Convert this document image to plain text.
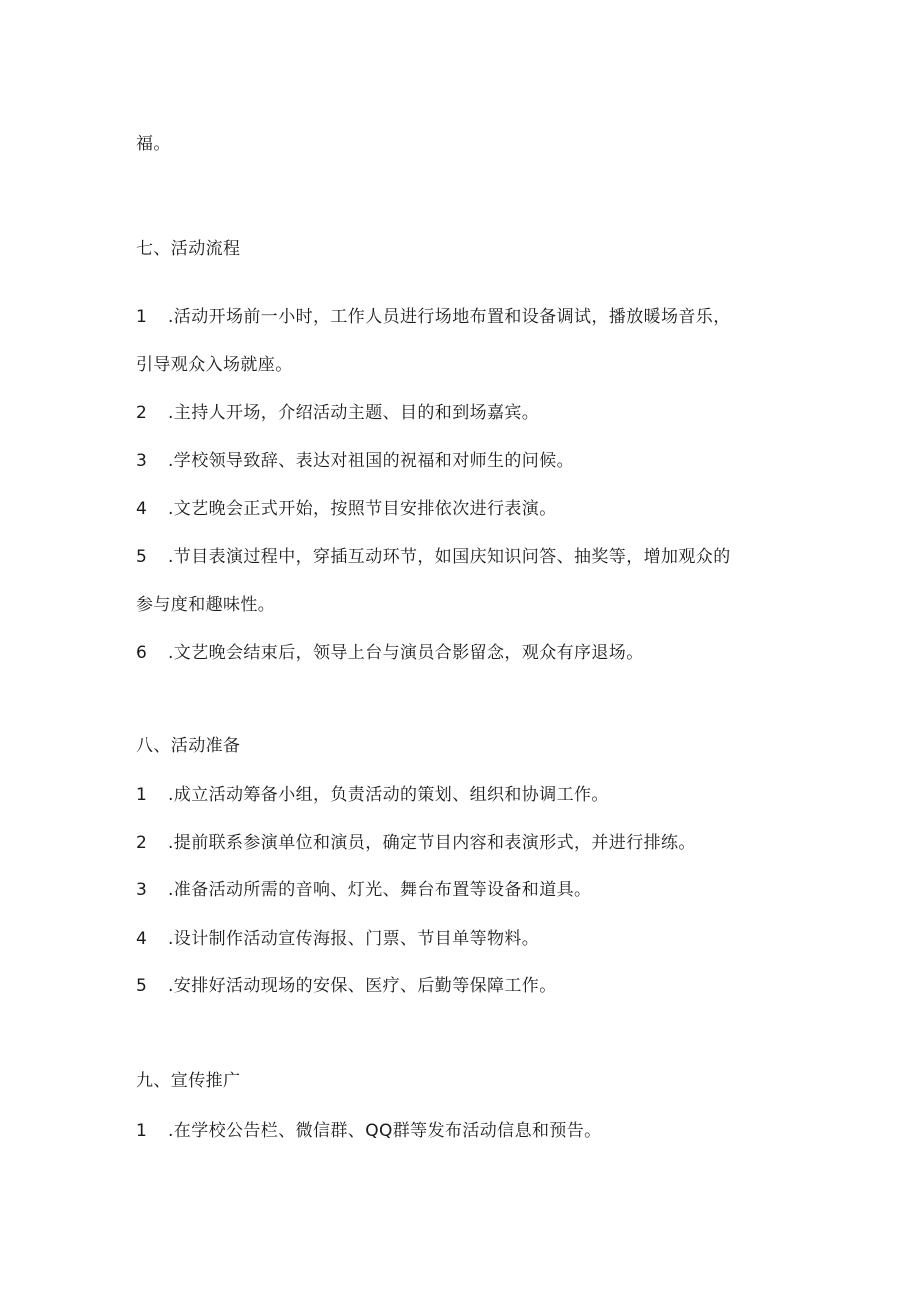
福。
七、活动流程
1 .活动开场前一小时，工作人员进行场地布置和设备调试，播放暖场音乐，
引导观众入场就座。
2 .主持人开场，介绍活动主题、目的和到场嘉宾。
3 .学校领导致辞、表达对祖国的祝福和对师生的问候。
4 .文艺晚会正式开始，按照节目安排依次进行表演。
5 .节目表演过程中，穿插互动环节，如国庆知识问答、抽奖等，增加观众的
参与度和趣味性。
6 .文艺晚会结束后，领导上台与演员合影留念，观众有序退场。
八、活动准备
1 .成立活动筹备小组，负责活动的策划、组织和协调工作。
2 .提前联系参演单位和演员，确定节目内容和表演形式，并进行排练。
3 .准备活动所需的音响、灯光、舞台布置等设备和道具。
4 .设计制作活动宣传海报、门票、节目单等物料。
5 .安排好活动现场的安保、医疗、后勤等保障工作。
九、宣传推广
1 .在学校公告栏、微信群、QQ群等发布活动信息和预告。
